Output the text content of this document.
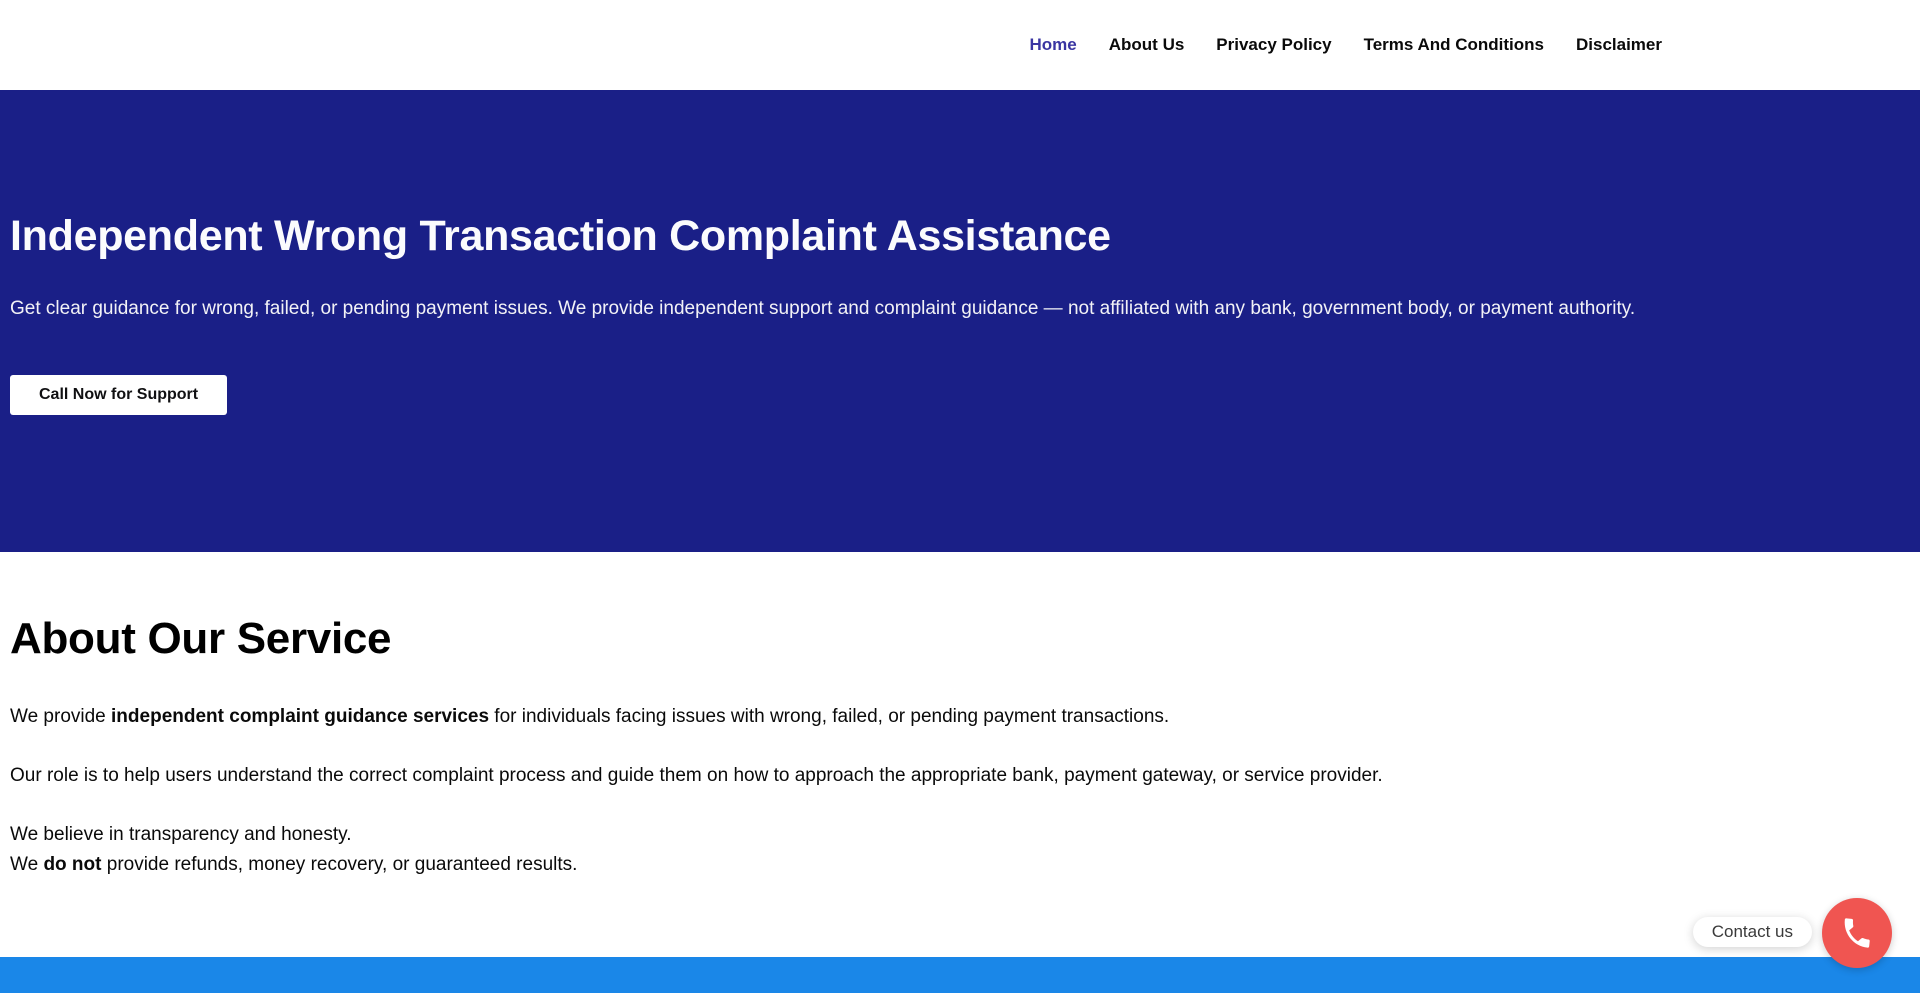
Home	About Us	Privacy Policy	Terms And Conditions	Disclaimer
Independent Wrong Transaction Complaint Assistance

Get clear guidance for wrong, failed, or pending payment issues. We provide independent support and complaint guidance — not affiliated with any bank, government body, or payment authority.

Call Now for Support
About Our Service

We provide independent complaint guidance services for individuals facing issues with wrong, failed, or pending payment transactions.

Our role is to help users understand the correct complaint process and guide them on how to approach the appropriate bank, payment gateway, or service provider.

We believe in transparency and honesty.

We do not provide refunds, money recovery, or guaranteed results.

Contact us
